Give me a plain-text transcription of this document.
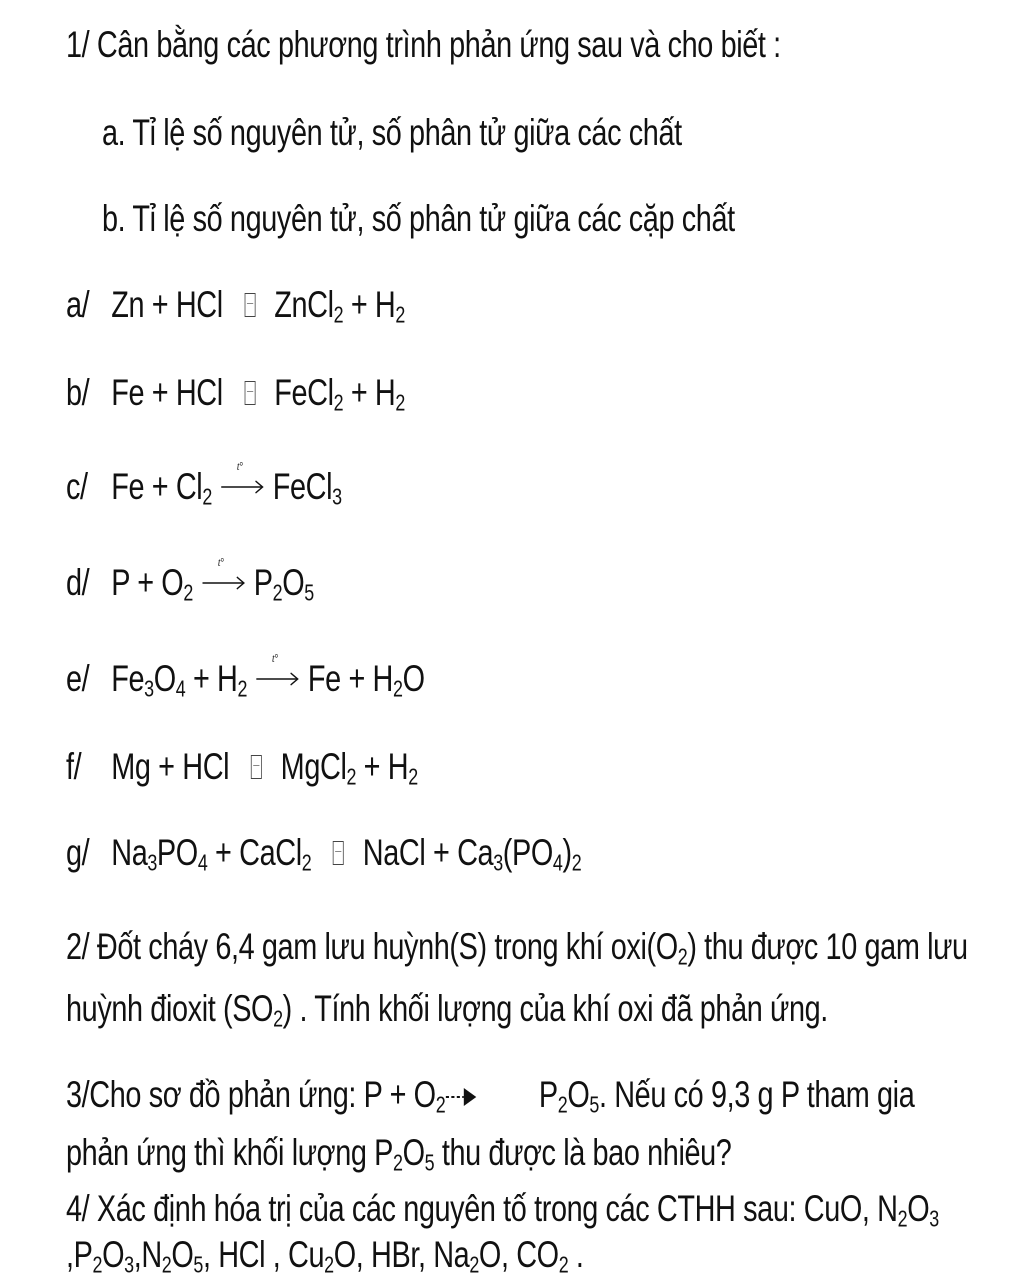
1/ Cân bằng các phương trình phản ứng sau và cho biết :
a. Tỉ lệ số nguyên tử, số phân tử giữa các chất
b. Tỉ lệ số nguyên tử, số phân tử giữa các cặp chất
a/ Zn + HCl ZnCl$_2$ + $H_2$
b/ Fe + HCl FeCl$_2$ + $H_2$
c/ $Fe + Cl_2$
t° FeCl$_3$
d/ $P + O_2$
t° $P_2O_5$
e/ $Fe_3O_4 + H_2$
t° $Fe + H_2O$
f/ Mg + HCl MgCl$_2$ + $H_2$
g/ $Na_3PO_4$ + CaCl$_2$ NaCl + $Ca_3(PO_4)_2$
2/ Đốt cháy 6,4 gam lưu huỳnh(S) trong khí $oxi(O_2)$ thu được 10 gam lưu
huỳnh đioxit $(SO_2)$ . Tính khối lượng của khí oxi đã phản ứng.
3/Cho sơ đồ phản ứng: $P + O_2$	$P_2O_5$. Nếu có 9,3 g P tham gia
phản ứng thì khối lượng $P_2O_5$ thu được là bao nhiêu?
4/ Xác định hóa trị của các nguyên tố trong các CTHH sau: CuO, $N_2O_3$
$,P_2O_3,N_2O_5$, HCl , $Cu_2O$, HBr, $Na_2O$, $CO_2$ .
